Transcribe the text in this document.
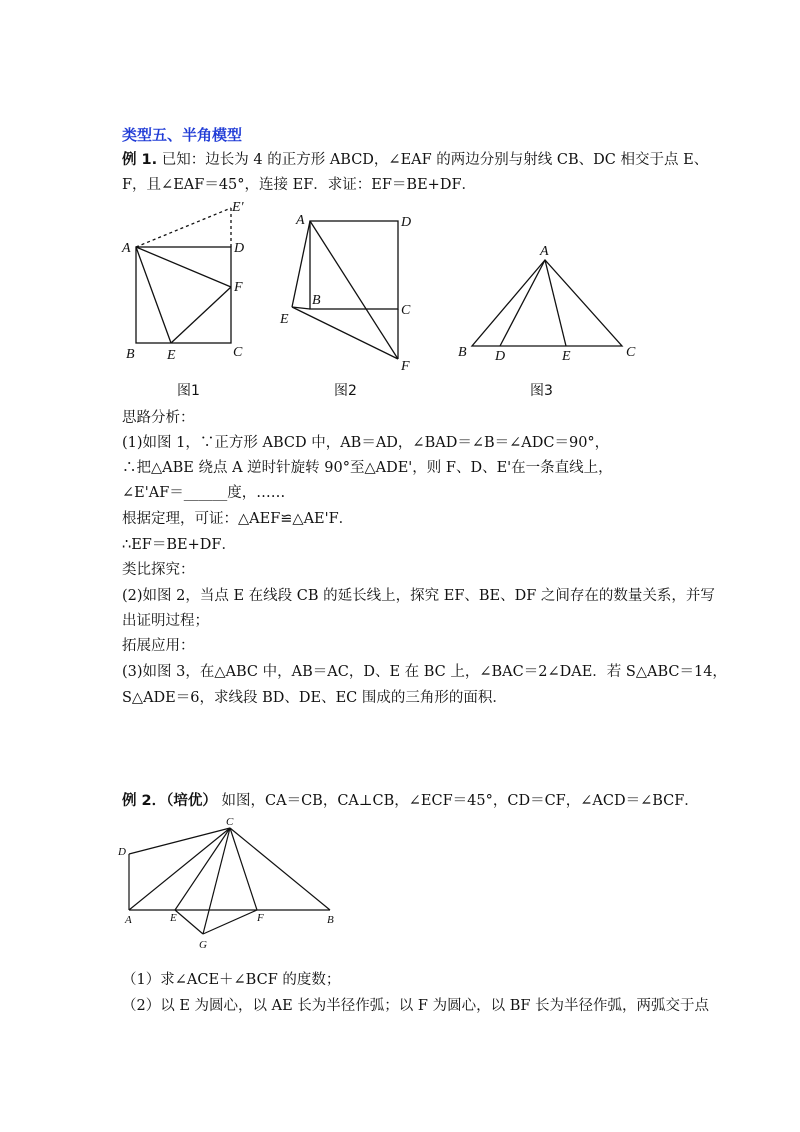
类型五、半角模型
例 1. 已知：边长为 4 的正方形 ABCD，∠EAF 的两边分别与射线 CB、DC 相交于点 E、
F，且∠EAF＝45°，连接 EF．求证：EF＝BE+DF．
A
B	C
D
E
F
E'
图1
A
B
C
D
E
F
图2
A
B	C
D	E
图3
思路分析：
(1)如图 1，∵正方形 ABCD 中，AB＝AD，∠BAD＝∠B＝∠ADC＝90°，
∴把△ABE 绕点 A 逆时针旋转 90°至△ADE'，则 F、D、E'在一条直线上，
∠E'AF＝______度，……
根据定理，可证：△AEF≌△AE'F．
∴EF＝BE+DF．
类比探究：
(2)如图 2，当点 E 在线段 CB 的延长线上，探究 EF、BE、DF 之间存在的数量关系，并写
出证明过程；
拓展应用：
(3)如图 3，在△ABC 中，AB＝AC，D、E 在 BC 上，∠BAC＝2∠DAE．若 S△ABC＝14，
S△ADE＝6，求线段 BD、DE、EC 围成的三角形的面积．
例 2．（培优） 如图，CA＝CB，CA⊥CB，∠ECF＝45°，CD＝CF，∠ACD＝∠BCF．
C
D
A	E	F	B
G
（1）求∠ACE＋∠BCF 的度数；
（2）以 E 为圆心，以 AE 长为半径作弧；以 F 为圆心，以 BF 长为半径作弧，两弧交于点
